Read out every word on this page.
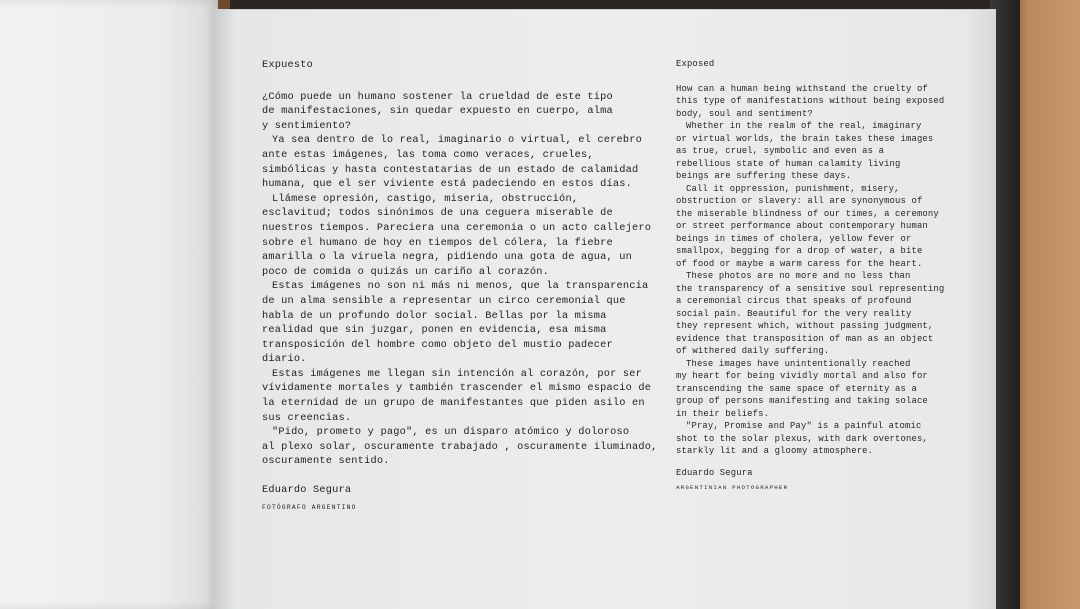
Expuesto

¿Cómo puede un humano sostener la crueldad de este tipo
de manifestaciones, sin quedar expuesto en cuerpo, alma
y sentimiento?

Ya sea dentro de lo real, imaginario o virtual, el cerebro
ante estas imágenes, las toma como veraces, crueles,
simbólicas y hasta contestatarias de un estado de calamidad
humana, que el ser viviente está padeciendo en estos días.

Llámese opresión, castigo, miseria, obstrucción,
esclavitud; todos sinónimos de una ceguera miserable de
nuestros tiempos. Pareciera una ceremonia o un acto callejero
sobre el humano de hoy en tiempos del cólera, la fiebre
amarilla o la viruela negra, pidiendo una gota de agua, un
poco de comida o quizás un cariño al corazón.

Estas imágenes no son ni más ni menos, que la transparencia
de un alma sensible a representar un circo ceremonial que
habla de un profundo dolor social. Bellas por la misma
realidad que sin juzgar, ponen en evidencia, esa misma
transposición del hombre como objeto del mustio padecer
diario.

Estas imágenes me llegan sin intención al corazón, por ser
vívidamente mortales y también trascender el mismo espacio de
la eternidad de un grupo de manifestantes que piden asilo en
sus creencias.

"Pido, prometo y pago", es un disparo atómico y doloroso
al plexo solar, oscuramente trabajado , oscuramente iluminado,
oscuramente sentido.

Eduardo Segura
FOTÓGRAFO ARGENTINO
Exposed

How can a human being withstand the cruelty of
this type of manifestations without being exposed
body, soul and sentiment?

Whether in the realm of the real, imaginary
or virtual worlds, the brain takes these images
as true, cruel, symbolic and even as a
rebellious state of human calamity living
beings are suffering these days.

Call it oppression, punishment, misery,
obstruction or slavery: all are synonymous of
the miserable blindness of our times, a ceremony
or street performance about contemporary human
beings in times of cholera, yellow fever or
smallpox, begging for a drop of water, a bite
of food or maybe a warm caress for the heart.

These photos are no more and no less than
the transparency of a sensitive soul representing
a ceremonial circus that speaks of profound
social pain. Beautiful for the very reality
they represent which, without passing judgment,
evidence that transposition of man as an object
of withered daily suffering.

These images have unintentionally reached
my heart for being vividly mortal and also for
transcending the same space of eternity as a
group of persons manifesting and taking solace
in their beliefs.

"Pray, Promise and Pay" is a painful atomic
shot to the solar plexus, with dark overtones,
starkly lit and a gloomy atmosphere.

Eduardo Segura
ARGENTINIAN PHOTOGRAPHER
